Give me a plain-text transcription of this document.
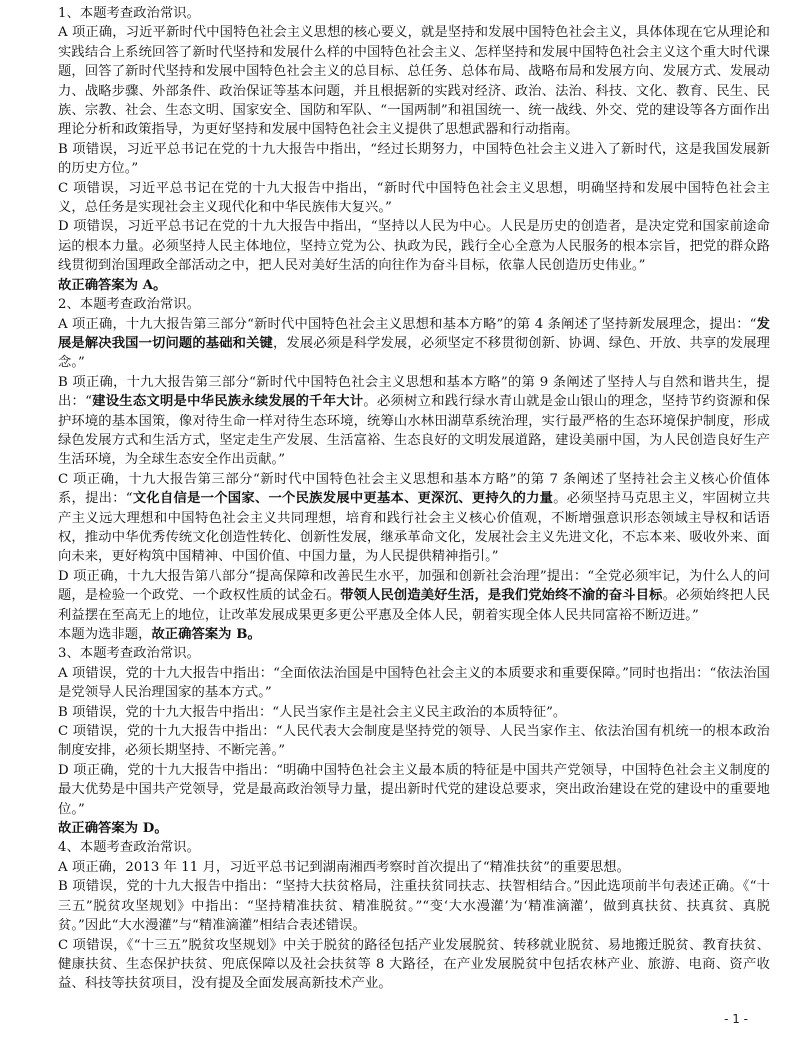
1、本题考查政治常识。

A 项正确，习近平新时代中国特色社会主义思想的核心要义，就是坚持和发展中国特色社会主义，具体体现在它从理论和实践结合上系统回答了新时代坚持和发展什么样的中国特色社会主义、怎样坚持和发展中国特色社会主义这个重大时代课题，回答了新时代坚持和发展中国特色社会主义的总目标、总任务、总体布局、战略布局和发展方向、发展方式、发展动力、战略步骤、外部条件、政治保证等基本问题，并且根据新的实践对经济、政治、法治、科技、文化、教育、民生、民族、宗教、社会、生态文明、国家安全、国防和军队、“一国两制”和祖国统一、统一战线、外交、党的建设等各方面作出理论分析和政策指导，为更好坚持和发展中国特色社会主义提供了思想武器和行动指南。

B 项错误，习近平总书记在党的十九大报告中指出，“经过长期努力，中国特色社会主义进入了新时代，这是我国发展新的历史方位。”

C 项错误，习近平总书记在党的十九大报告中指出，“新时代中国特色社会主义思想，明确坚持和发展中国特色社会主义，总任务是实现社会主义现代化和中华民族伟大复兴。”

D 项错误，习近平总书记在党的十九大报告中指出，“坚持以人民为中心。人民是历史的创造者，是决定党和国家前途命运的根本力量。必须坚持人民主体地位，坚持立党为公、执政为民，践行全心全意为人民服务的根本宗旨，把党的群众路线贯彻到治国理政全部活动之中，把人民对美好生活的向往作为奋斗目标，依靠人民创造历史伟业。”

故正确答案为 A。

2、本题考查政治常识。

A 项正确，十九大报告第三部分“新时代中国特色社会主义思想和基本方略”的第 4 条阐述了坚持新发展理念，提出：“发展是解决我国一切问题的基础和关键，发展必须是科学发展，必须坚定不移贯彻创新、协调、绿色、开放、共享的发展理念。”

B 项正确，十九大报告第三部分“新时代中国特色社会主义思想和基本方略”的第 9 条阐述了坚持人与自然和谐共生，提出：“建设生态文明是中华民族永续发展的千年大计。必须树立和践行绿水青山就是金山银山的理念，坚持节约资源和保护环境的基本国策，像对待生命一样对待生态环境，统筹山水林田湖草系统治理，实行最严格的生态环境保护制度，形成绿色发展方式和生活方式，坚定走生产发展、生活富裕、生态良好的文明发展道路，建设美丽中国，为人民创造良好生产生活环境，为全球生态安全作出贡献。”

C 项正确，十九大报告第三部分“新时代中国特色社会主义思想和基本方略”的第 7 条阐述了坚持社会主义核心价值体系，提出：“文化自信是一个国家、一个民族发展中更基本、更深沉、更持久的力量。必须坚持马克思主义，牢固树立共产主义远大理想和中国特色社会主义共同理想，培育和践行社会主义核心价值观，不断增强意识形态领域主导权和话语权，推动中华优秀传统文化创造性转化、创新性发展，继承革命文化，发展社会主义先进文化，不忘本来、吸收外来、面向未来，更好构筑中国精神、中国价值、中国力量，为人民提供精神指引。”

D 项正确，十九大报告第八部分“提高保障和改善民生水平，加强和创新社会治理”提出：“全党必须牢记，为什么人的问题，是检验一个政党、一个政权性质的试金石。带领人民创造美好生活，是我们党始终不渝的奋斗目标。必须始终把人民利益摆在至高无上的地位，让改革发展成果更多更公平惠及全体人民，朝着实现全体人民共同富裕不断迈进。”

本题为选非题，故正确答案为 B。

3、本题考查政治常识。

A 项错误，党的十九大报告中指出：“全面依法治国是中国特色社会主义的本质要求和重要保障。”同时也指出：“依法治国是党领导人民治理国家的基本方式。”

B 项错误，党的十九大报告中指出：“人民当家作主是社会主义民主政治的本质特征”。

C 项错误，党的十九大报告中指出：“人民代表大会制度是坚持党的领导、人民当家作主、依法治国有机统一的根本政治制度安排，必须长期坚持、不断完善。”

D 项正确，党的十九大报告中指出：“明确中国特色社会主义最本质的特征是中国共产党领导，中国特色社会主义制度的最大优势是中国共产党领导，党是最高政治领导力量，提出新时代党的建设总要求，突出政治建设在党的建设中的重要地位。”

故正确答案为 D。

4、本题考查政治常识。

A 项正确，2013 年 11 月，习近平总书记到湖南湘西考察时首次提出了“精准扶贫”的重要思想。

B 项错误，党的十九大报告中指出：“坚持大扶贫格局，注重扶贫同扶志、扶智相结合。”因此选项前半句表述正确。《“十三五”脱贫攻坚规划》中指出：“坚持精准扶贫、精准脱贫。”“变‘大水漫灌’为‘精准滴灌’，做到真扶贫、扶真贫、真脱贫。”因此“大水漫灌”与“精准滴灌”相结合表述错误。

C 项错误，《“十三五”脱贫攻坚规划》中关于脱贫的路径包括产业发展脱贫、转移就业脱贫、易地搬迁脱贫、教育扶贫、健康扶贫、生态保护扶贫、兜底保障以及社会扶贫等 8 大路径，在产业发展脱贫中包括农林产业、旅游、电商、资产收益、科技等扶贫项目，没有提及全面发展高新技术产业。

- 1 -
